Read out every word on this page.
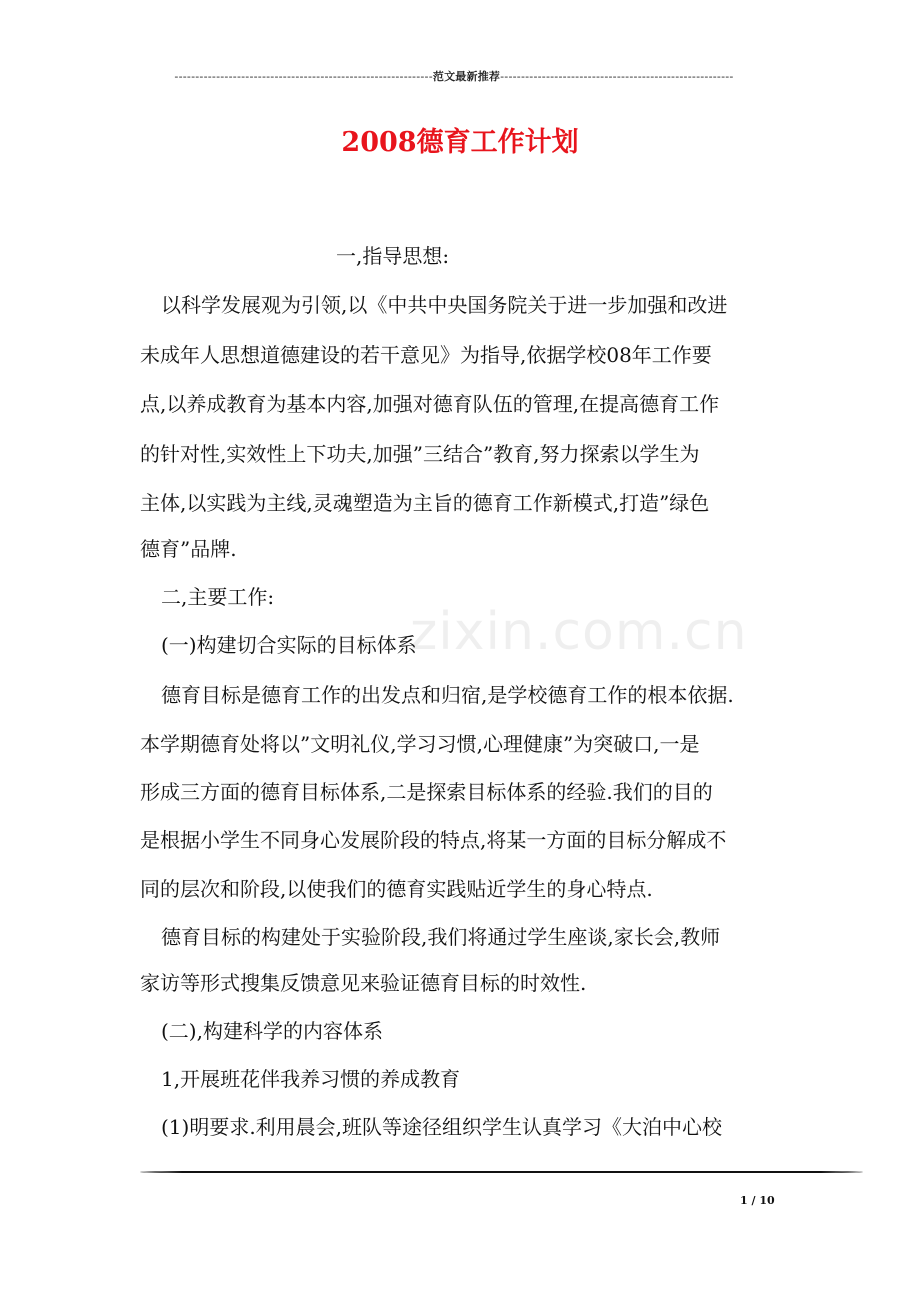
--------------------------------------------------------------范文最新推荐--------------------------------------------------------
2008德育工作计划
zixin.com.cn
一,指导思想:
以科学发展观为引领,以《中共中央国务院关于进一步加强和改进
未成年人思想道德建设的若干意见》为指导,依据学校08年工作要
点,以养成教育为基本内容,加强对德育队伍的管理,在提高德育工作
的针对性,实效性上下功夫,加强”三结合”教育,努力探索以学生为
主体,以实践为主线,灵魂塑造为主旨的德育工作新模式,打造”绿色
德育”品牌.
二,主要工作:
(一)构建切合实际的目标体系
德育目标是德育工作的出发点和归宿,是学校德育工作的根本依据.
本学期德育处将以”文明礼仪,学习习惯,心理健康”为突破口,一是
形成三方面的德育目标体系,二是探索目标体系的经验.我们的目的
是根据小学生不同身心发展阶段的特点,将某一方面的目标分解成不
同的层次和阶段,以使我们的德育实践贴近学生的身心特点.
德育目标的构建处于实验阶段,我们将通过学生座谈,家长会,教师
家访等形式搜集反馈意见来验证德育目标的时效性.
(二),构建科学的内容体系
1,开展班花伴我养习惯的养成教育
(1)明要求.利用晨会,班队等途径组织学生认真学习《大泊中心校
1 / 10
